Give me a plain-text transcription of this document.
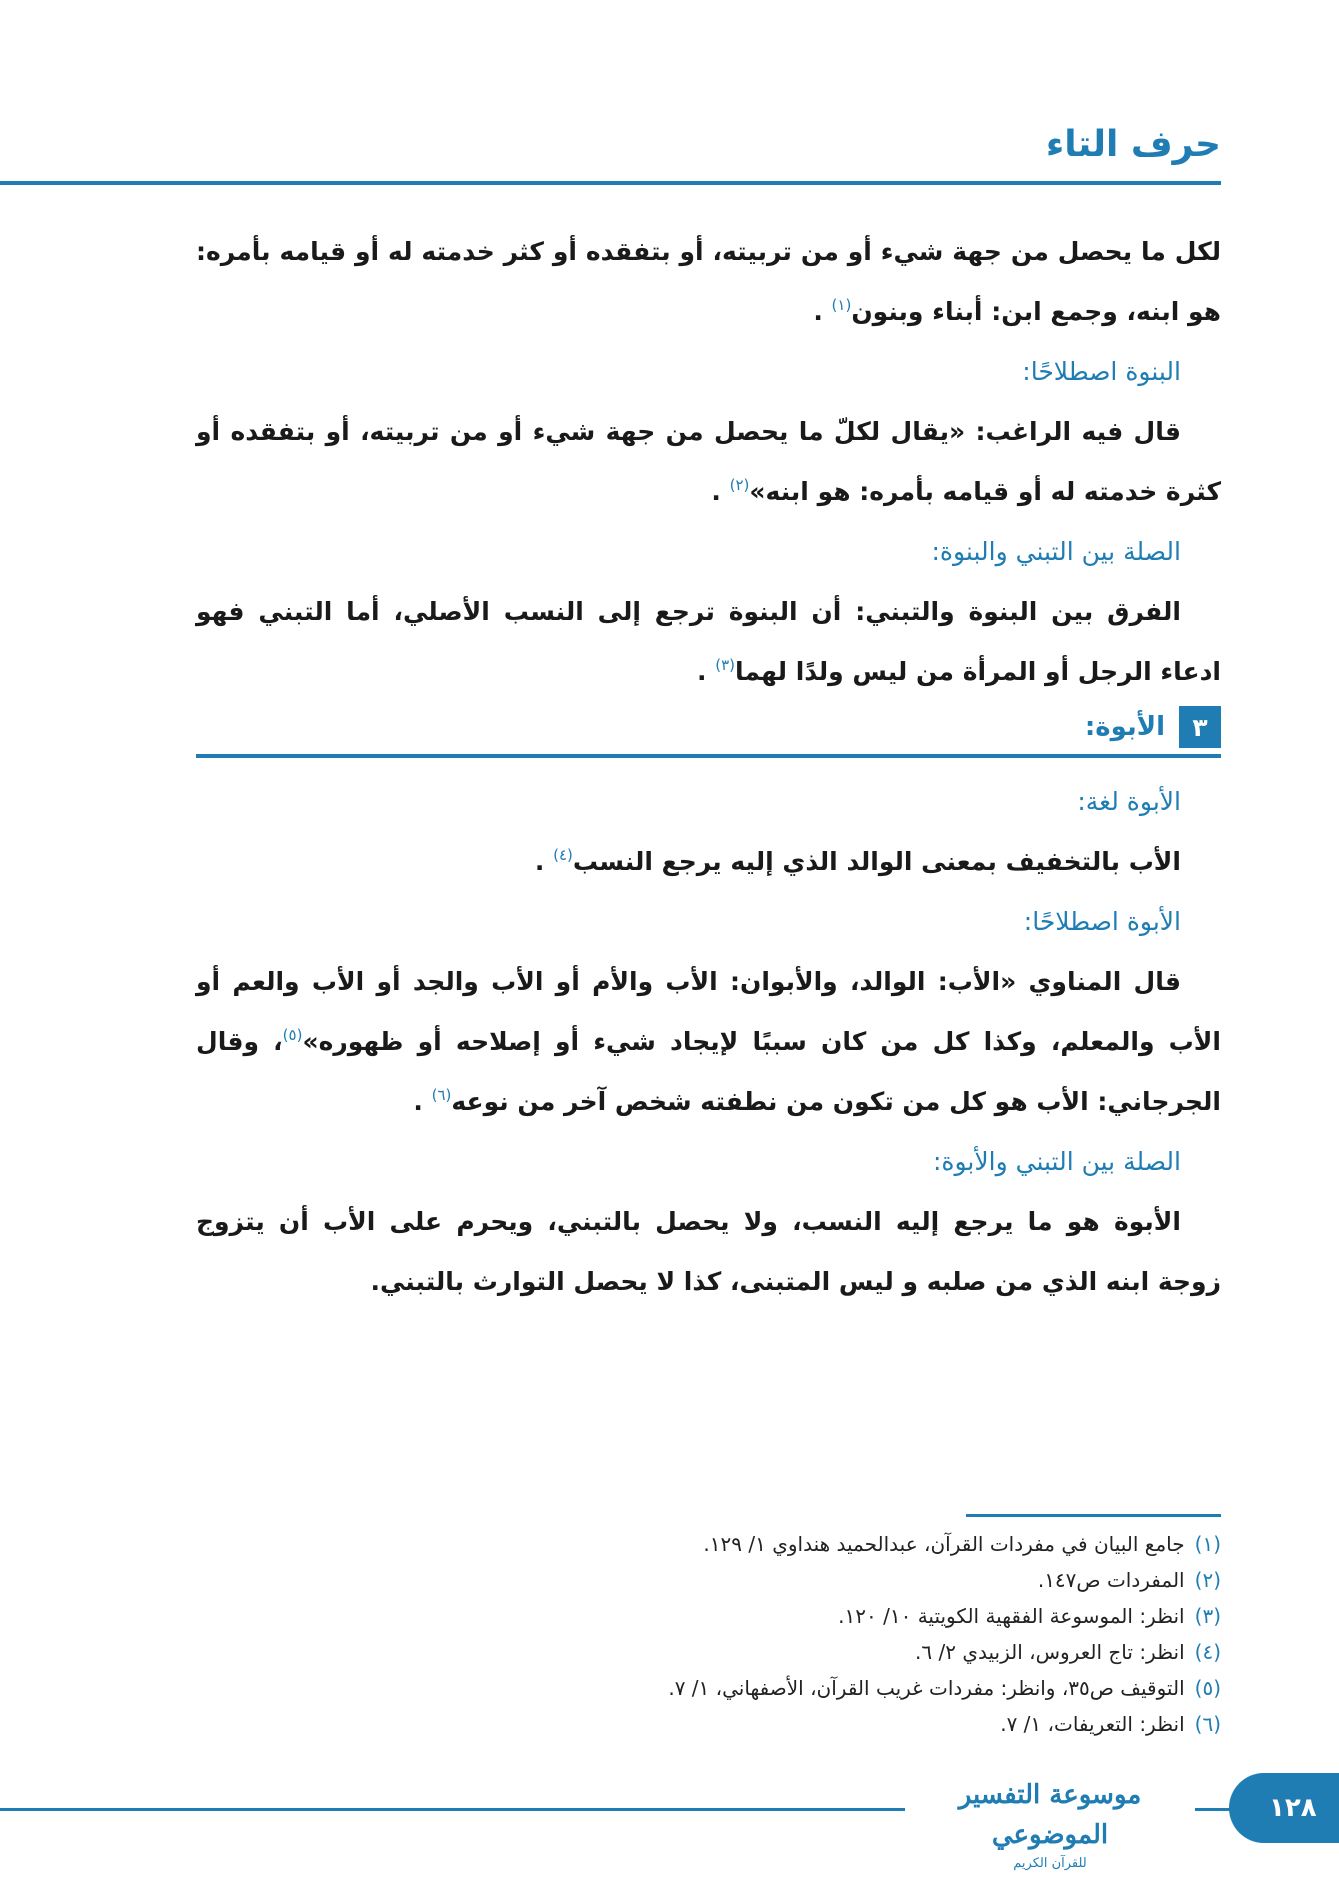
حرف التاء

لكل ما يحصل من جهة شيء أو من تربيته، أو بتفقده أو كثر خدمته له أو قيامه بأمره: هو ابنه، وجمع ابن: أبناء وبنون$^{(١)}$ .

البنوة اصطلاحًا:

قال فيه الراغب: «يقال لكلّ ما يحصل من جهة شيء أو من تربيته، أو بتفقده أو كثرة خدمته له أو قيامه بأمره: هو ابنه»$^{(٢)}$ .

الصلة بين التبني والبنوة:

الفرق بين البنوة والتبني: أن البنوة ترجع إلى النسب الأصلي، أما التبني فهو ادعاء الرجل أو المرأة من ليس ولدًا لهما$^{(٣)}$ .

٣
الأبوة:
الأبوة لغة:

الأب بالتخفيف بمعنى الوالد الذي إليه يرجع النسب$^{(٤)}$ .

الأبوة اصطلاحًا:

قال المناوي «الأب: الوالد، والأبوان: الأب والأم أو الأب والجد أو الأب والعم أو الأب والمعلم، وكذا كل من كان سببًا لإيجاد شيء أو إصلاحه أو ظهوره»$^{(٥)}$، وقال الجرجاني: الأب هو كل من تكون من نطفته شخص آخر من نوعه$^{(٦)}$ .

الصلة بين التبني والأبوة:

الأبوة هو ما يرجع إليه النسب، ولا يحصل بالتبني، ويحرم على الأب أن يتزوج زوجة ابنه الذي من صلبه و ليس المتبنى، كذا لا يحصل التوارث بالتبني.

(١)جامع البيان في مفردات القرآن، عبدالحميد هنداوي ١/ ١٢٩.
(٢)المفردات ص١٤٧.
(٣)انظر: الموسوعة الفقهية الكويتية ١٠/ ١٢٠.
(٤)انظر: تاج العروس، الزبيدي ٢/ ٦.
(٥)التوقيف ص٣٥، وانظر: مفردات غريب القرآن، الأصفهاني، ١/ ٧.
(٦)انظر: التعريفات، ١/ ٧.
موسوعة التفسير الموضوعي
للقرآن الكريم
١٢٨
